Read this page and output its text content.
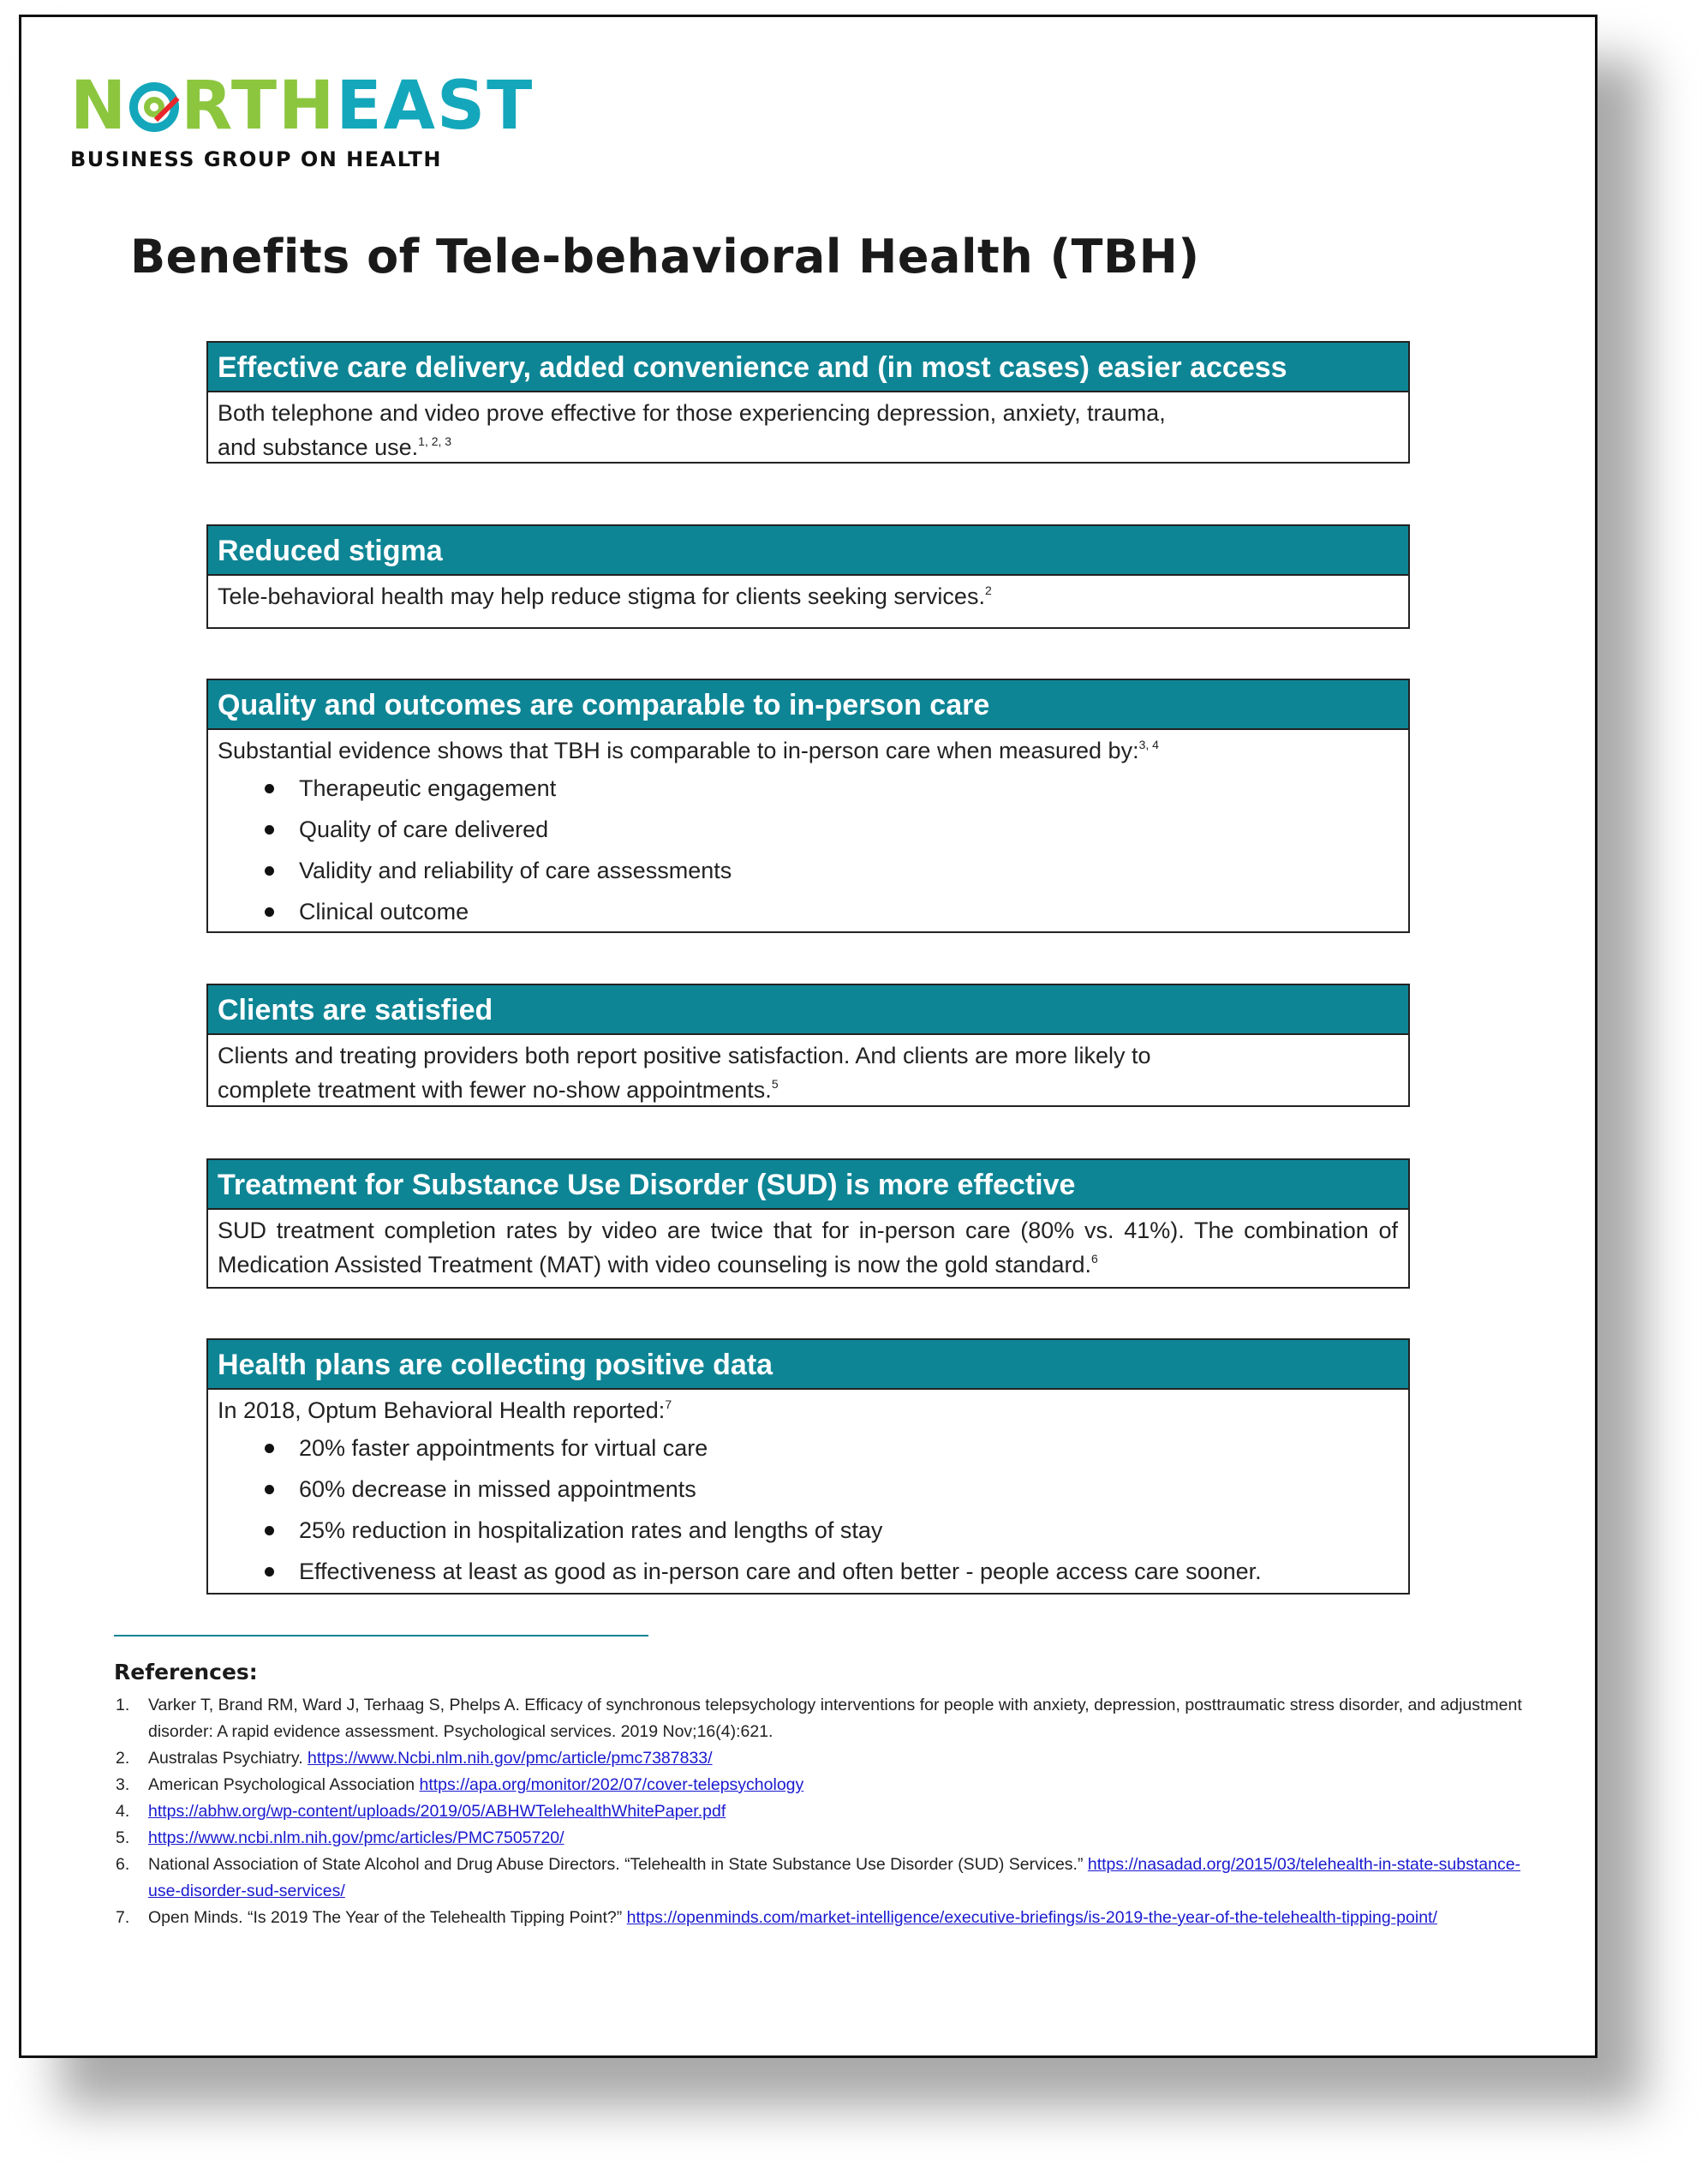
N RTHEAST
BUSINESS GROUP ON HEALTH
Benefits of Tele-behavioral Health (TBH)
Effective care delivery, added convenience and (in most cases) easier access
Both telephone and video prove effective for those experiencing depression, anxiety, trauma,
and substance use.$^{1, 2, 3}$
Reduced stigma
Tele-behavioral health may help reduce stigma for clients seeking services.$^2$
Quality and outcomes are comparable to in-person care
Substantial evidence shows that TBH is comparable to in-person care when measured by:$^{3, 4}$
Therapeutic engagement
Quality of care delivered
Validity and reliability of care assessments
Clinical outcome
Clients are satisfied
Clients and treating providers both report positive satisfaction. And clients are more likely to
complete treatment with fewer no-show appointments.$^5$
Treatment for Substance Use Disorder (SUD) is more effective
SUD treatment completion rates by video are twice that for in-person care (80% vs. 41%). The combination of Medication Assisted Treatment (MAT) with video counseling is now the gold standard.$^6$
Health plans are collecting positive data
In 2018, Optum Behavioral Health reported:$^7$
20% faster appointments for virtual care
60% decrease in missed appointments
25% reduction in hospitalization rates and lengths of stay
Effectiveness at least as good as in-person care and often better - people access care sooner.
References:
1. Varker T, Brand RM, Ward J, Terhaag S, Phelps A. Efficacy of synchronous telepsychology interventions for people with anxiety, depression, posttraumatic stress disorder, and adjustment disorder: A rapid evidence assessment. Psychological services. 2019 Nov;16(4):621.
2. Australas Psychiatry. https://www.Ncbi.nlm.nih.gov/pmc/article/pmc7387833/
3. American Psychological Association https://apa.org/monitor/202/07/cover-telepsychology
4. https://abhw.org/wp-content/uploads/2019/05/ABHWTelehealthWhitePaper.pdf
5. https://www.ncbi.nlm.nih.gov/pmc/articles/PMC7505720/
6. National Association of State Alcohol and Drug Abuse Directors. “Telehealth in State Substance Use Disorder (SUD) Services.” https://nasadad.org/2015/03/telehealth-in-state-substance-use-disorder-sud-services/
7. Open Minds. “Is 2019 The Year of the Telehealth Tipping Point?” https://openminds.com/market-intelligence/executive-briefings/is-2019-the-year-of-the-telehealth-tipping-point/
